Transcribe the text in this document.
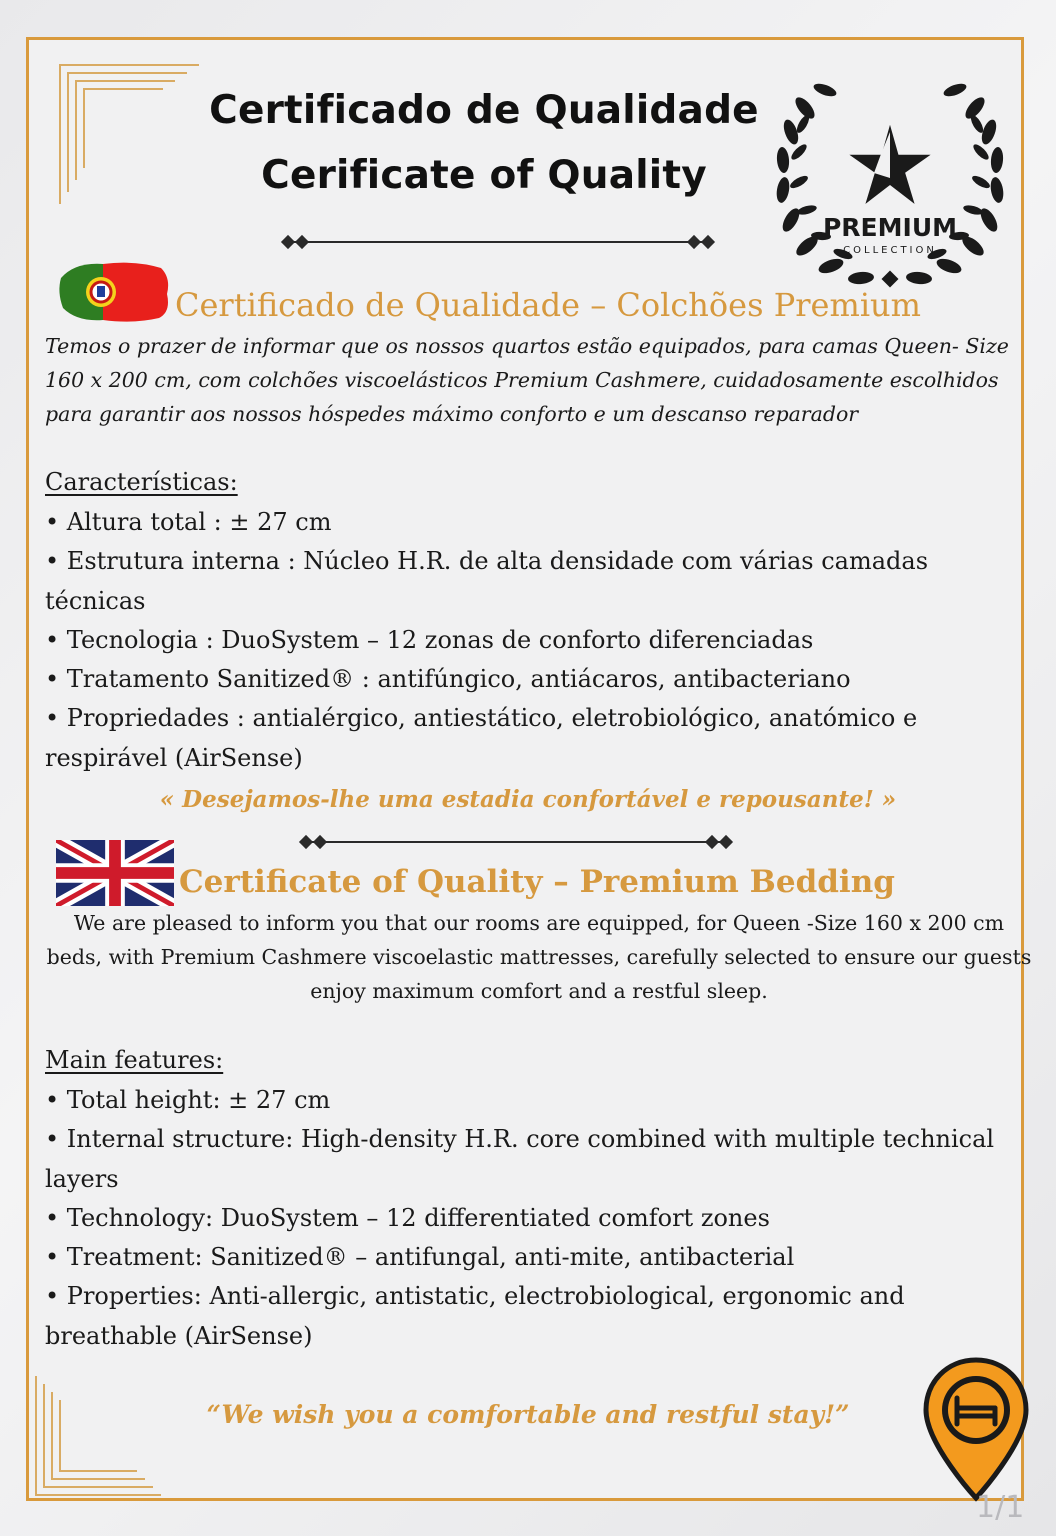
Certificado de Qualidade
Cerificate of Quality
PREMIUM
COLLECTION
Certificado de Qualidade – Colchões Premium
Temos o prazer de informar que os nossos quartos estão equipados, para camas Queen- Size 160 x 200 cm, com colchões viscoelásticos Premium Cashmere, cuidadosamente escolhidos para garantir aos nossos hóspedes máximo conforto e um descanso reparador
Características:
• Altura total : ± 27 cm
• Estrutura interna : Núcleo H.R. de alta densidade com várias camadas técnicas
• Tecnologia : DuoSystem – 12 zonas de conforto diferenciadas
• Tratamento Sanitized® : antifúngico, antiácaros, antibacteriano
• Propriedades : antialérgico, antiestático, eletrobiológico, anatómico e respirável (AirSense)
« Desejamos-lhe uma estadia confortável e repousante! »
Certificate of Quality – Premium Bedding
We are pleased to inform you that our rooms are equipped, for Queen -Size 160 x 200 cm beds, with Premium Cashmere viscoelastic mattresses, carefully selected to ensure our guests enjoy maximum comfort and a restful sleep.
Main features:
• Total height: ± 27 cm
• Internal structure: High-density H.R. core combined with multiple technical layers
• Technology: DuoSystem – 12 differentiated comfort zones
• Treatment: Sanitized® – antifungal, anti-mite, antibacterial
• Properties: Anti-allergic, antistatic, electrobiological, ergonomic and breathable (AirSense)
“We wish you a comfortable and restful stay!”
1/1
